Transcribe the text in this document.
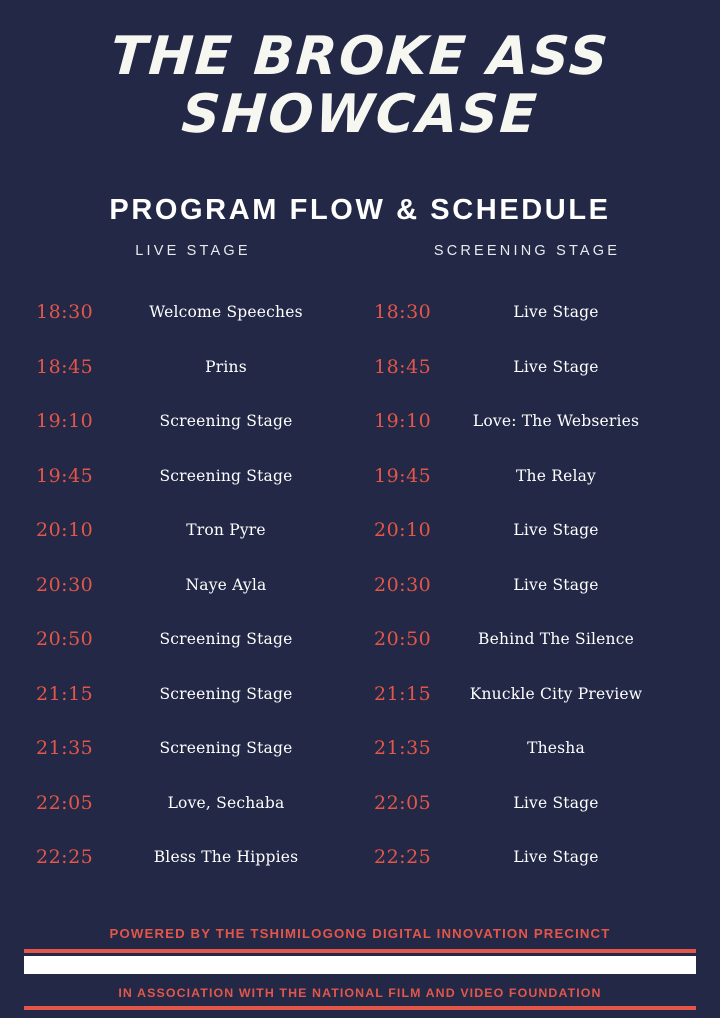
THE BROKE ASS
SHOWCASE
PROGRAM FLOW & SCHEDULE
LIVE STAGE	SCREENING STAGE
18:30	Welcome Speeches	18:30	Live Stage
18:45	Prins	18:45	Live Stage
19:10	Screening Stage	19:10	Love: The Webseries
19:45	Screening Stage	19:45	The Relay
20:10	Tron Pyre	20:10	Live Stage
20:30	Naye Ayla	20:30	Live Stage
20:50	Screening Stage	20:50	Behind The Silence
21:15	Screening Stage	21:15	Knuckle City Preview
21:35	Screening Stage	21:35	Thesha
22:05	Love, Sechaba	22:05	Live Stage
22:25	Bless The Hippies	22:25	Live Stage
POWERED BY THE TSHIMILOGONG DIGITAL INNOVATION PRECINCT
IN ASSOCIATION WITH THE NATIONAL FILM AND VIDEO FOUNDATION
